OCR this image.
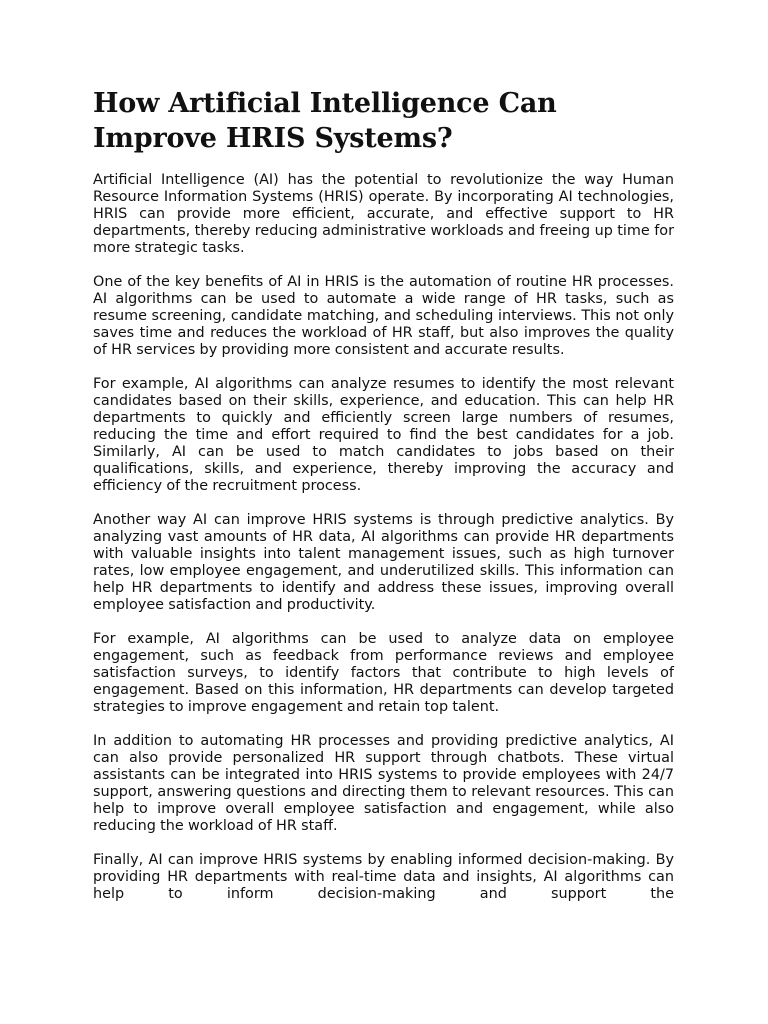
How Artificial Intelligence Can Improve HRIS Systems?

Artificial Intelligence (AI) has the potential to revolutionize the way Human Resource Information Systems (HRIS) operate. By incorporating AI technologies, HRIS can provide more efficient, accurate, and effective support to HR departments, thereby reducing administrative workloads and freeing up time for more strategic tasks.

One of the key benefits of AI in HRIS is the automation of routine HR processes. AI algorithms can be used to automate a wide range of HR tasks, such as resume screening, candidate matching, and scheduling interviews. This not only saves time and reduces the workload of HR staff, but also improves the quality of HR services by providing more consistent and accurate results.

For example, AI algorithms can analyze resumes to identify the most relevant candidates based on their skills, experience, and education. This can help HR departments to quickly and efficiently screen large numbers of resumes, reducing the time and effort required to find the best candidates for a job. Similarly, AI can be used to match candidates to jobs based on their qualifications, skills, and experience, thereby improving the accuracy and efficiency of the recruitment process.

Another way AI can improve HRIS systems is through predictive analytics. By analyzing vast amounts of HR data, AI algorithms can provide HR departments with valuable insights into talent management issues, such as high turnover rates, low employee engagement, and underutilized skills. This information can help HR departments to identify and address these issues, improving overall employee satisfaction and productivity.

For example, AI algorithms can be used to analyze data on employee engagement, such as feedback from performance reviews and employee satisfaction surveys, to identify factors that contribute to high levels of engagement. Based on this information, HR departments can develop targeted strategies to improve engagement and retain top talent.

In addition to automating HR processes and providing predictive analytics, AI can also provide personalized HR support through chatbots. These virtual assistants can be integrated into HRIS systems to provide employees with 24/7 support, answering questions and directing them to relevant resources. This can help to improve overall employee satisfaction and engagement, while also reducing the workload of HR staff.

Finally, AI can improve HRIS systems by enabling informed decision-making. By providing HR departments with real-time data and insights, AI algorithms can help to inform decision-making and support the
